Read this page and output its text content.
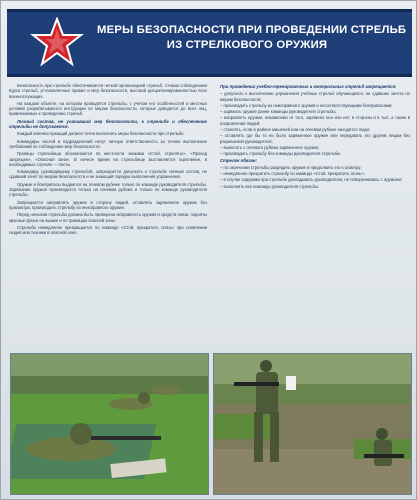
МЕРЫ БЕЗОПАСНОСТИ ПРИ ПРОВЕДЕНИИ СТРЕЛЬБ
ИЗ СТРЕЛКОВОГО ОРУЖИЯ

Безопасность при стрельбе обеспечивается четкой организацией стрельб, точным соблюдением Курса стрельб, установленных правил и мер безопасности, высокой дисциплинированностью всех военнослужащих.

На каждом объекте, на котором проводятся стрельбы, с учетом его особенностей и местных условий разрабатываются инструкции по мерам безопасности, которые доводятся до всех лиц, привлекаемых к проведению стрельб.

Личный состав, не усвоивший мер безопасности, к стрельбе и обеспечению стрельбы не допускается.

Каждый военнослужащий должен точно выполнять меры безопасности при стрельбе.

Командиры частей и подразделений несут личную ответственность за точное выполнение требований по соблюдению мер безопасности.

Границы стрельбища обозначаются по местности знаками «Стой, стрелять!», «Проход запрещен», «Опасная зона». В ночное время на стрельбище выставляется оцепление, в необходимых случаях — посты.

Командиру, руководящему стрельбой, запрещается допускать к стрельбе личный состав, не сдавший зачет по мерам безопасности и не знающий порядка выполнения упражнения.

Оружие и боеприпасы выдаются на огневом рубеже только по команде руководителя стрельбы. Заряжание оружия производится только на огневом рубеже и только по команде руководителя стрельбы.

Запрещается направлять оружие в сторону людей, оставлять заряженное оружие без присмотра, производить стрельбу из неисправного оружия.

Перед началом стрельбы должна быть проверена исправность оружия и средств связи, подняты красные флаги на вышке и по границам опасной зоны.

Стрельба немедленно прекращается по команде «Стой, прекратить огонь» при появлении людей или техники в опасной зоне.

При проведении учебно-тренировочных и контрольных стрельб запрещается:

– допускать к выполнению упражнения учебных стрельб обучающихся, не сдавших зачета по мерам безопасности;
– производить стрельбу из неисправного оружия и несоответствующими боеприпасами;
– заряжать оружие ранее команды руководителя стрельбы;
– направлять оружие, независимо от того, заряжено оно или нет, в стороны и в тыл, а также в направлении людей;
– стрелять, если в районе мишеней или на огневом рубеже находятся люди;
– оставлять где бы то ни было заряженное оружие или передавать его другим лицам без разрешения руководителя;
– выносить с огневого рубежа заряженное оружие;
– производить стрельбу без команды руководителя стрельбы.

Стрелок обязан:

– по окончании стрельбы разрядить оружие и предъявить его к осмотру;
– немедленно прекратить стрельбу по команде «Стой, прекратить огонь»;
– в случае задержки при стрельбе докладывать руководителю, не поворачиваясь с оружием;
– выполнять все команды руководителя стрельбы.
